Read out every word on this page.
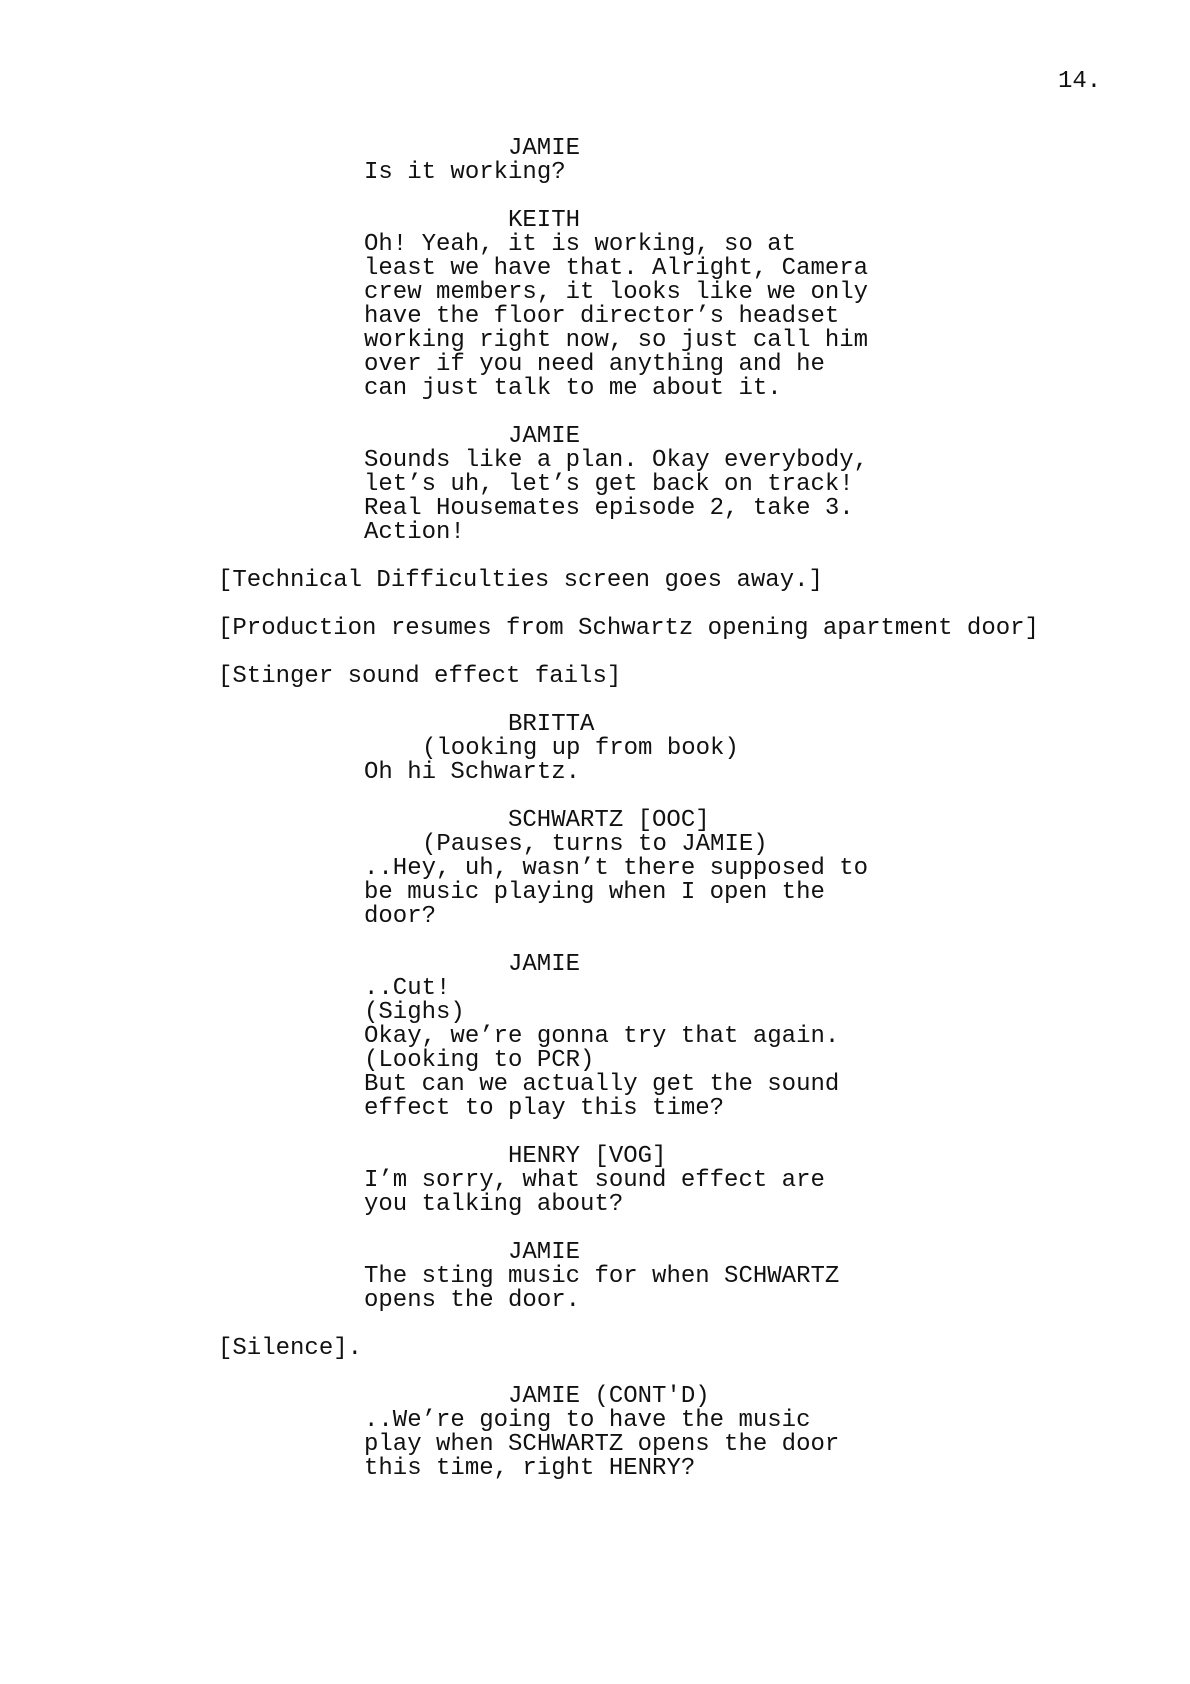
14.
JAMIE
Is it working?
KEITH
Oh! Yeah, it is working, so at
least we have that. Alright, Camera
crew members, it looks like we only
have the floor director’s headset
working right now, so just call him
over if you need anything and he
can just talk to me about it.
JAMIE
Sounds like a plan. Okay everybody,
let’s uh, let’s get back on track!
Real Housemates episode 2, take 3.
Action!
[Technical Difficulties screen goes away.]
[Production resumes from Schwartz opening apartment door]
[Stinger sound effect fails]
BRITTA
(looking up from book)
Oh hi Schwartz.
SCHWARTZ [OOC]
(Pauses, turns to JAMIE)
..Hey, uh, wasn’t there supposed to
be music playing when I open the
door?
JAMIE
..Cut!
(Sighs)
Okay, we’re gonna try that again.
(Looking to PCR)
But can we actually get the sound
effect to play this time?
HENRY [VOG]
I’m sorry, what sound effect are
you talking about?
JAMIE
The sting music for when SCHWARTZ
opens the door.
[Silence].
JAMIE (CONT'D)
..We’re going to have the music
play when SCHWARTZ opens the door
this time, right HENRY?
